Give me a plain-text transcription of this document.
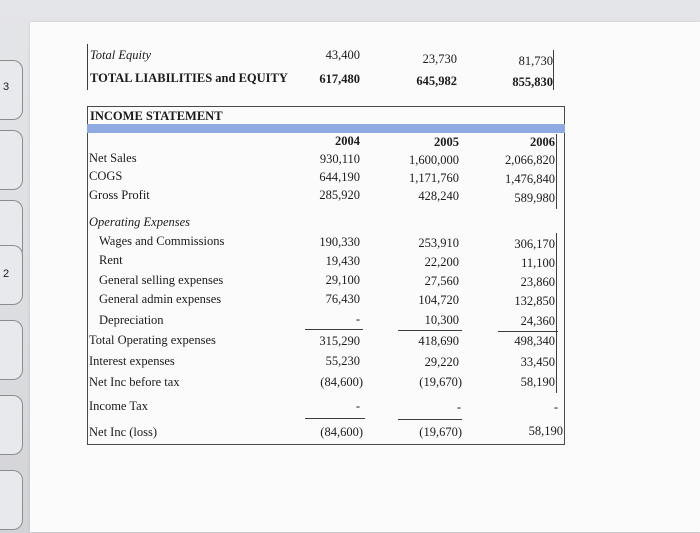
3
2
Total Equity	43,400	23,730	81,730
TOTAL LIABILITIES and EQUITY	617,480	645,982	855,830
INCOME STATEMENT
2004	2005	2006
Net Sales	930,110	1,600,000	2,066,820
COGS	644,190	1,171,760	1,476,840
Gross Profit	285,920	428,240	589,980
Operating Expenses
Wages and Commissions	190,330	253,910	306,170
Rent	19,430	22,200	11,100
General selling expenses	29,100	27,560	23,860
General admin expenses	76,430	104,720	132,850
Depreciation	-	10,300	24,360
Total Operating expenses	315,290	418,690	498,340
Interest expenses	55,230	29,220	33,450
Net Inc before tax	(84,600)	(19,670)	58,190
Income Tax	-	-	-
Net Inc (loss)	(84,600)	(19,670)	58,190
